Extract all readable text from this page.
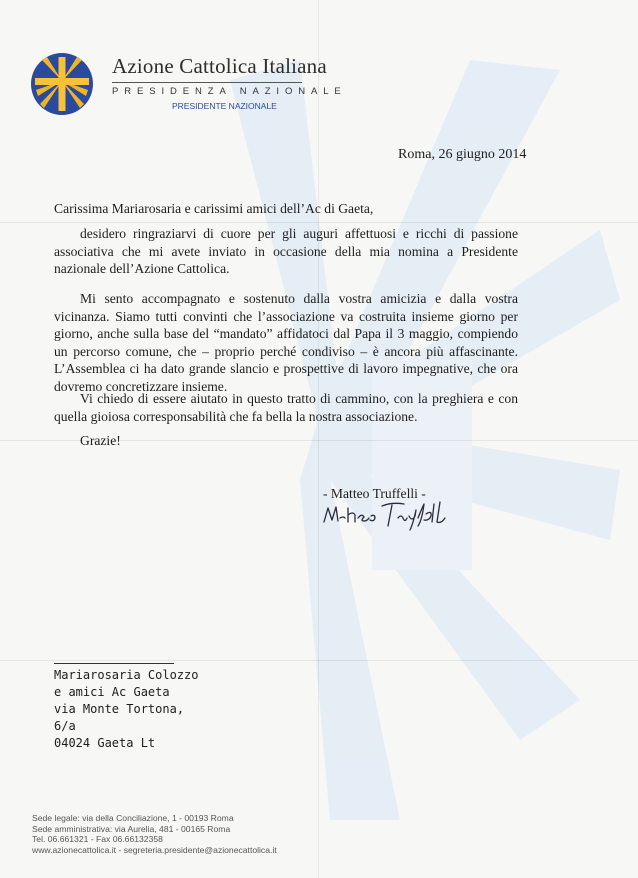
Azione Cattolica Italiana
PRESIDENZA NAZIONALE
PRESIDENTE NAZIONALE
Roma, 26 giugno 2014
Carissima Mariarosaria e carissimi amici dell’Ac di Gaeta,

desidero ringraziarvi di cuore per gli auguri affettuosi e ricchi di passione associativa che mi avete inviato in occasione della mia nomina a Presidente nazionale dell’Azione Cattolica.

Mi sento accompagnato e sostenuto dalla vostra amicizia e dalla vostra vicinanza. Siamo tutti convinti che l’associazione va costruita insieme giorno per giorno, anche sulla base del “mandato” affidatoci dal Papa il 3 maggio, compiendo un percorso comune, che – proprio perché condiviso – è ancora più affascinante. L’Assemblea ci ha dato grande slancio e prospettive di lavoro impegnative, che ora dovremo concretizzare insieme.

Vi chiedo di essere aiutato in questo tratto di cammino, con la preghiera e con quella gioiosa corresponsabilità che fa bella la nostra associazione.

Grazie!
- Matteo Truffelli -
Mariarosaria Colozzo
e amici Ac Gaeta
via Monte Tortona,
6/a
04024 Gaeta Lt
Sede legale: via della Conciliazione, 1 - 00193 Roma
Sede amministrativa: via Aurelia, 481 - 00165 Roma
Tel. 06.661321 - Fax 06.66132358
www.azionecattolica.it - segreteria.presidente@azionecattolica.it
